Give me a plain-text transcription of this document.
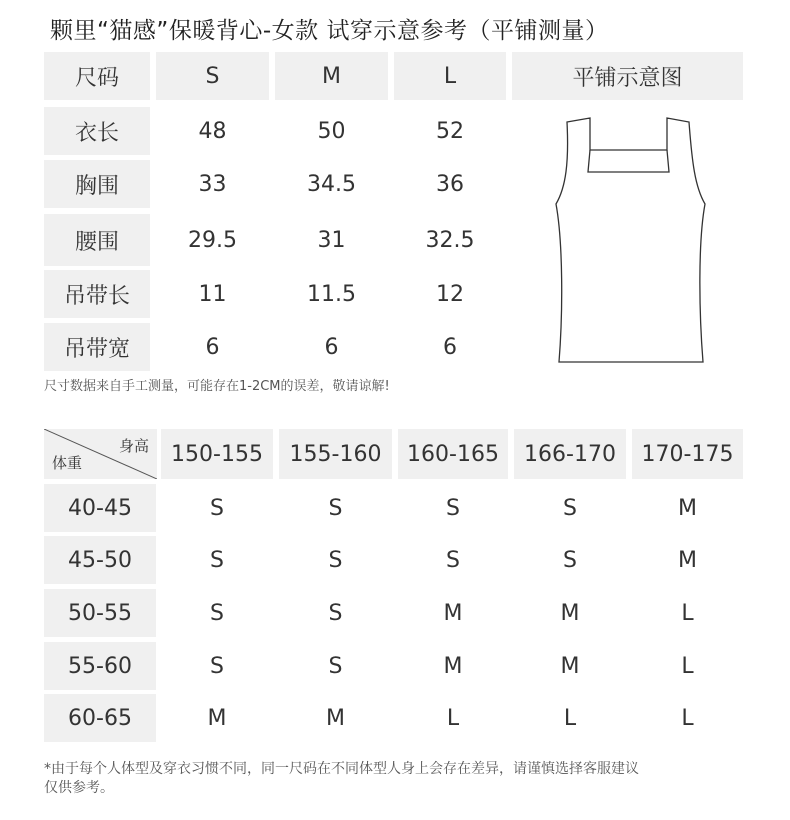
颗里“猫感”保暖背心-女款 试穿示意参考（平铺测量）
尺码	S	M	L	平铺示意图
衣长	48	50	52
胸围	33	34.5	36
腰围	29.5	31	32.5
吊带长	11	11.5	12
吊带宽	6	6	6
尺寸数据来自手工测量，可能存在1-2CM的误差，敬请谅解!
身高
体重	150-155	155-160	160-165	166-170	170-175
40-45	S	S	S	S	M
45-50	S	S	S	S	M
50-55	S	S	M	M	L
55-60	S	S	M	M	L
60-65	M	M	L	L	L
*由于每个人体型及穿衣习惯不同，同一尺码在不同体型人身上会存在差异，请谨慎选择客服建议
仅供参考。
